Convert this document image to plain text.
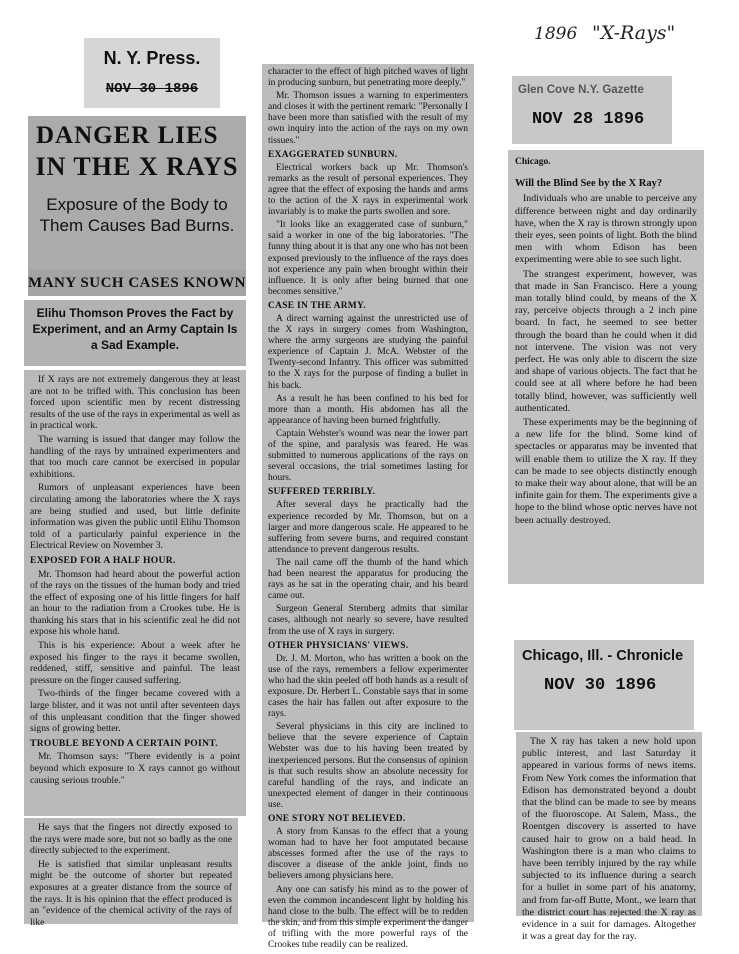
1896 "X-Rays"
N. Y. Press.
NOV 30 1896
DANGER LIES
IN THE X RAYS
Exposure of the Body to Them Causes Bad Burns.
MANY SUCH CASES KNOWN
Elihu Thomson Proves the Fact by Experiment, and an Army Captain Is a Sad Example.

If X rays are not extremely dangerous they at least are not to be trifled with. This conclusion has been forced upon scientific men by recent distressing results of the use of the rays in experimental as well as in practical work.

The warning is issued that danger may follow the handling of the rays by untrained experimenters and that too much care cannot be exercised in popular exhibitions.

Rumors of unpleasant experiences have been circulating among the laboratories where the X rays are being studied and used, but little definite information was given the public until Elihu Thomson told of a particularly painful experience in the Electrical Review on November 3.

EXPOSED FOR A HALF HOUR.

Mr. Thomson had heard about the powerful action of the rays on the tissues of the human body and tried the effect of exposing one of his little fingers for half an hour to the radiation from a Crookes tube. He is thanking his stars that in his scientific zeal he did not expose his whole hand.

This is his experience: About a week after he exposed his finger to the rays it became swollen, reddened, stiff, sensitive and painful. The least pressure on the finger caused suffering.

Two-thirds of the finger became covered with a large blister, and it was not until after seventeen days of this unpleasant condition that the finger showed signs of growing better.

TROUBLE BEYOND A CERTAIN POINT.

Mr. Thomson says: "There evidently is a point beyond which exposure to X rays cannot go without causing serious trouble."

He says that the fingers not directly exposed to the rays were made sore, but not so badly as the one directly subjected to the experiment.

He is satisfied that similar unpleasant results might be the outcome of shorter but repeated exposures at a greater distance from the source of the rays. It is his opinion that the effect produced is an "evidence of the chemical activity of the rays of like

character to the effect of high pitched waves of light in producing sunburn, but penetrating more deeply."

Mr. Thomson issues a warning to experimenters and closes it with the pertinent remark: "Personally I have been more than satisfied with the result of my own inquiry into the action of the rays on my own tissues."

EXAGGERATED SUNBURN.

Electrical workers back up Mr. Thomson's remarks as the result of personal experiences. They agree that the effect of exposing the hands and arms to the action of the X rays in experimental work invariably is to make the parts swollen and sore.

"It looks like an exaggerated case of sunburn," said a worker in one of the big laboratories. "The funny thing about it is that any one who has not been exposed previously to the influence of the rays does not experience any pain when brought within their influence. It is only after being burned that one becomes sensitive."

CASE IN THE ARMY.

A direct warning against the unrestricted use of the X rays in surgery comes from Washington, where the army surgeons are studying the painful experience of Captain J. McA. Webster of the Twenty-second Infantry. This officer was submitted to the X rays for the purpose of finding a bullet in his back.

As a result he has been confined to his bed for more than a month. His abdomen has all the appearance of having been burned frightfully.

Captain Webster's wound was near the lower part of the spine, and paralysis was feared. He was submitted to numerous applications of the rays on several occasions, the trial sometimes lasting for hours.

SUFFERED TERRIBLY.

After several days he practically had the experience recorded by Mr. Thomson, but on a larger and more dangerous scale. He appeared to be suffering from severe burns, and required constant attendance to prevent dangerous results.

The nail came off the thumb of the hand which had been nearest the apparatus for producing the rays as he sat in the operating chair, and his beard came out.

Surgeon General Sternberg admits that similar cases, although not nearly so severe, have resulted from the use of X rays in surgery.

OTHER PHYSICIANS' VIEWS.

Dr. J. M. Morton, who has written a book on the use of the rays, remembers a fellow experimenter who had the skin peeled off both hands as a result of exposure. Dr. Herbert L. Constable says that in some cases the hair has fallen out after exposure to the rays.

Several physicians in this city are inclined to believe that the severe experience of Captain Webster was due to his having been treated by inexperienced persons. But the consensus of opinion is that such results show an absolute necessity for careful handling of the rays, and indicate an unexpected element of danger in their continuous use.

ONE STORY NOT BELIEVED.

A story from Kansas to the effect that a young woman had to have her foot amputated because abscesses formed after the use of the rays to discover a disease of the ankle joint, finds no believers among physicians here.

Any one can satisfy his mind as to the power of even the common incandescent light by holding his hand close to the bulb. The effect will be to redden the skin, and from this simple experiment the danger of trifling with the more powerful rays of the Crookes tube readily can be realized.

Glen Cove N.Y. Gazette
NOV 28 1896
Chicago.
Will the Blind See by the X Ray?

Individuals who are unable to perceive any difference between night and day ordinarily have, when the X ray is thrown strongly upon their eyes, seen points of light. Both the blind men with whom Edison has been experimenting were able to see such light.

The strangest experiment, however, was that made in San Francisco. Here a young man totally blind could, by means of the X ray, perceive objects through a 2 inch pine board. In fact, he seemed to see better through the board than he could when it did not intervene. The vision was not very perfect. He was only able to discern the size and shape of various objects. The fact that he could see at all where before he had been totally blind, however, was sufficiently well authenticated.

These experiments may be the beginning of a new life for the blind. Some kind of spectacles or apparatus may be invented that will enable them to utilize the X ray. If they can be made to see objects distinctly enough to make their way about alone, that will be an infinite gain for them. The experiments give a hope to the blind whose optic nerves have not been actually destroyed.

Chicago, Ill. - Chronicle
NOV 30 1896

The X ray has taken a new hold upon public interest, and last Saturday it appeared in various forms of news items. From New York comes the information that Edison has demonstrated beyond a doubt that the blind can be made to see by means of the fluoroscope. At Salem, Mass., the Roentgen discovery is asserted to have caused hair to grow on a bald head. In Washington there is a man who claims to have been terribly injured by the ray while subjected to its influence during a search for a bullet in some part of his anatomy, and from far-off Butte, Mont., we learn that the district court has rejected the X ray as evidence in a suit for damages. Altogether it was a great day for the ray.
